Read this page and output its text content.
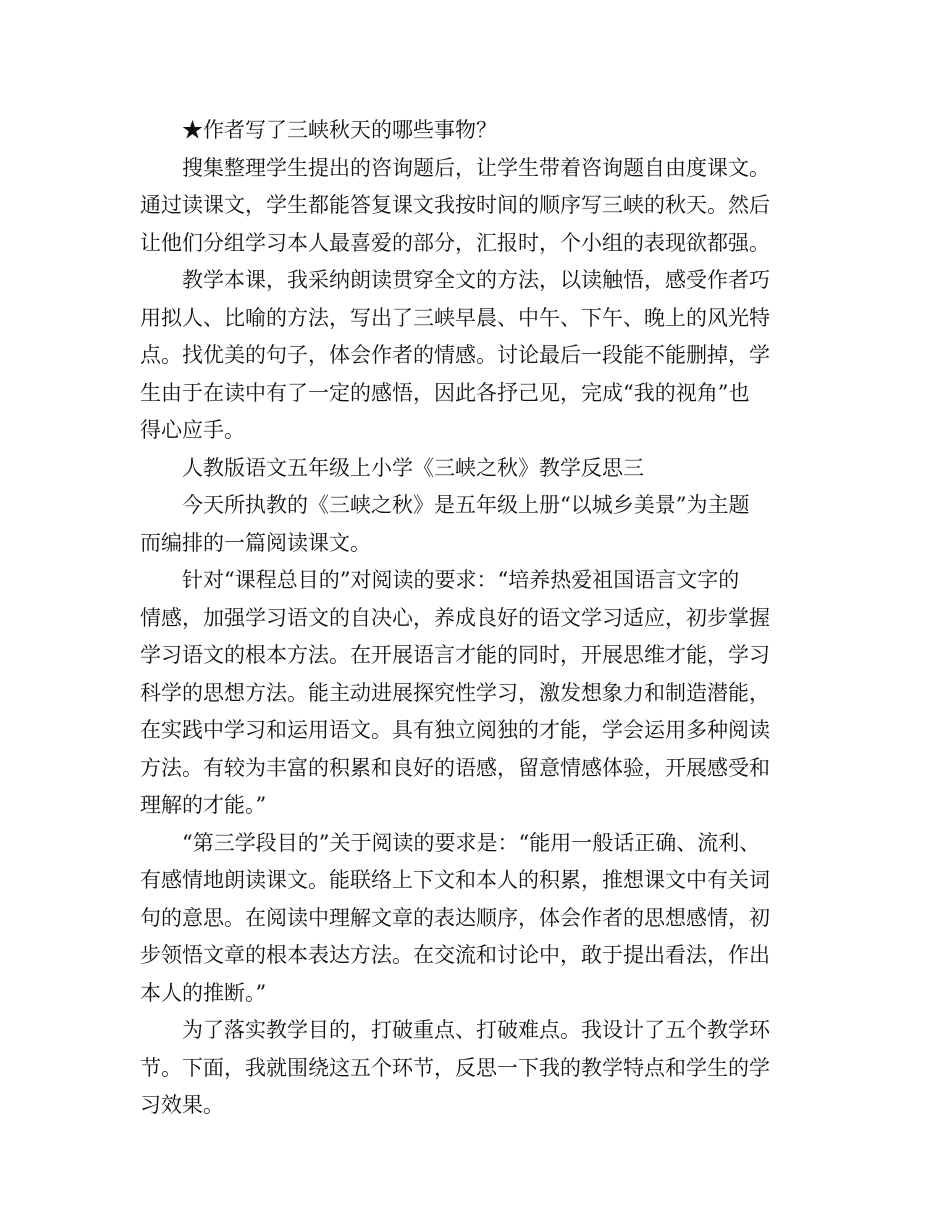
★作者写了三峡秋天的哪些事物？
搜集整理学生提出的咨询题后，让学生带着咨询题自由度课文。
通过读课文，学生都能答复课文我按时间的顺序写三峡的秋天。然后
让他们分组学习本人最喜爱的部分，汇报时，个小组的表现欲都强。
教学本课，我采纳朗读贯穿全文的方法，以读触悟，感受作者巧
用拟人、比喻的方法，写出了三峡早晨、中午、下午、晚上的风光特
点。找优美的句子，体会作者的情感。讨论最后一段能不能删掉，学
生由于在读中有了一定的感悟，因此各抒己见，完成“我的视角”也
得心应手。
人教版语文五年级上小学《三峡之秋》教学反思三
今天所执教的《三峡之秋》是五年级上册“以城乡美景”为主题
而编排的一篇阅读课文。
针对“课程总目的”对阅读的要求：“培养热爱祖国语言文字的
情感，加强学习语文的自决心，养成良好的语文学习适应，初步掌握
学习语文的根本方法。在开展语言才能的同时，开展思维才能，学习
科学的思想方法。能主动进展探究性学习，激发想象力和制造潜能，
在实践中学习和运用语文。具有独立阅独的才能，学会运用多种阅读
方法。有较为丰富的积累和良好的语感，留意情感体验，开展感受和
理解的才能。”
“第三学段目的”关于阅读的要求是：“能用一般话正确、流利、
有感情地朗读课文。能联络上下文和本人的积累，推想课文中有关词
句的意思。在阅读中理解文章的表达顺序，体会作者的思想感情，初
步领悟文章的根本表达方法。在交流和讨论中，敢于提出看法，作出
本人的推断。”
为了落实教学目的，打破重点、打破难点。我设计了五个教学环
节。下面，我就围绕这五个环节，反思一下我的教学特点和学生的学
习效果。
